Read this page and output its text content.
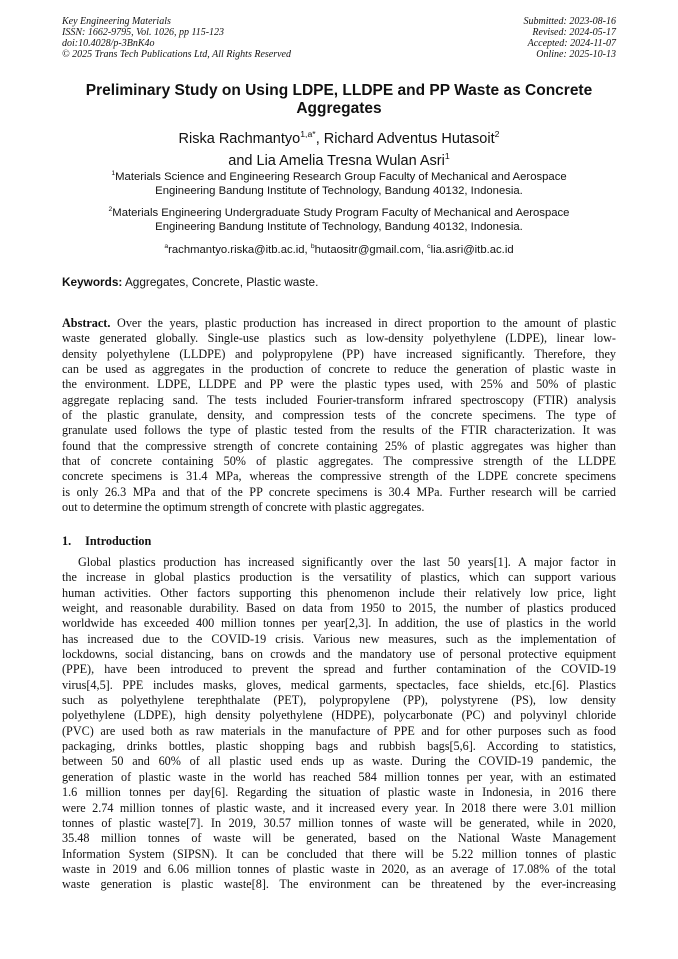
Key Engineering Materials
ISSN: 1662-9795, Vol. 1026, pp 115-123
doi:10.4028/p-3BnK4o
© 2025 Trans Tech Publications Ltd, All Rights Reserved
Submitted: 2023-08-16
Revised: 2024-05-17
Accepted: 2024-11-07
Online: 2025-10-13
Preliminary Study on Using LDPE, LLDPE and PP Waste as Concrete
Aggregates
Riska Rachmantyo$^{1,a*}$, Richard Adventus Hutasoit$^2$
and Lia Amelia Tresna Wulan Asri$^1$
$^1$Materials Science and Engineering Research Group Faculty of Mechanical and Aerospace
Engineering Bandung Institute of Technology, Bandung 40132, Indonesia.
$^2$Materials Engineering Undergraduate Study Program Faculty of Mechanical and Aerospace
Engineering Bandung Institute of Technology, Bandung 40132, Indonesia.
$^a$rachmantyo.riska@itb.ac.id, $^b$hutaositr@gmail.com, $^c$lia.asri@itb.ac.id
Keywords: Aggregates, Concrete, Plastic waste.
Abstract. Over the years, plastic production has increased in direct proportion to the amount of plastic
waste generated globally. Single-use plastics such as low-density polyethylene (LDPE), linear low-
density polyethylene (LLDPE) and polypropylene (PP) have increased significantly. Therefore, they
can be used as aggregates in the production of concrete to reduce the generation of plastic waste in
the environment. LDPE, LLDPE and PP were the plastic types used, with 25% and 50% of plastic
aggregate replacing sand. The tests included Fourier-transform infrared spectroscopy (FTIR) analysis
of the plastic granulate, density, and compression tests of the concrete specimens. The type of
granulate used follows the type of plastic tested from the results of the FTIR characterization. It was
found that the compressive strength of concrete containing 25% of plastic aggregates was higher than
that of concrete containing 50% of plastic aggregates. The compressive strength of the LLDPE
concrete specimens is 31.4 MPa, whereas the compressive strength of the LDPE concrete specimens
is only 26.3 MPa and that of the PP concrete specimens is 30.4 MPa. Further research will be carried
out to determine the optimum strength of concrete with plastic aggregates.
1. Introduction
Global plastics production has increased significantly over the last 50 years[1]. A major factor in
the increase in global plastics production is the versatility of plastics, which can support various
human activities. Other factors supporting this phenomenon include their relatively low price, light
weight, and reasonable durability. Based on data from 1950 to 2015, the number of plastics produced
worldwide has exceeded 400 million tonnes per year[2,3]. In addition, the use of plastics in the world
has increased due to the COVID-19 crisis. Various new measures, such as the implementation of
lockdowns, social distancing, bans on crowds and the mandatory use of personal protective equipment
(PPE), have been introduced to prevent the spread and further contamination of the COVID-19
virus[4,5]. PPE includes masks, gloves, medical garments, spectacles, face shields, etc.[6]. Plastics
such as polyethylene terephthalate (PET), polypropylene (PP), polystyrene (PS), low density
polyethylene (LDPE), high density polyethylene (HDPE), polycarbonate (PC) and polyvinyl chloride
(PVC) are used both as raw materials in the manufacture of PPE and for other purposes such as food
packaging, drinks bottles, plastic shopping bags and rubbish bags[5,6]. According to statistics,
between 50 and 60% of all plastic used ends up as waste. During the COVID-19 pandemic, the
generation of plastic waste in the world has reached 584 million tonnes per year, with an estimated
1.6 million tonnes per day[6]. Regarding the situation of plastic waste in Indonesia, in 2016 there
were 2.74 million tonnes of plastic waste, and it increased every year. In 2018 there were 3.01 million
tonnes of plastic waste[7]. In 2019, 30.57 million tonnes of waste will be generated, while in 2020,
35.48 million tonnes of waste will be generated, based on the National Waste Management
Information System (SIPSN). It can be concluded that there will be 5.22 million tonnes of plastic
waste in 2019 and 6.06 million tonnes of plastic waste in 2020, as an average of 17.08% of the total
waste generation is plastic waste[8]. The environment can be threatened by the ever-increasing
